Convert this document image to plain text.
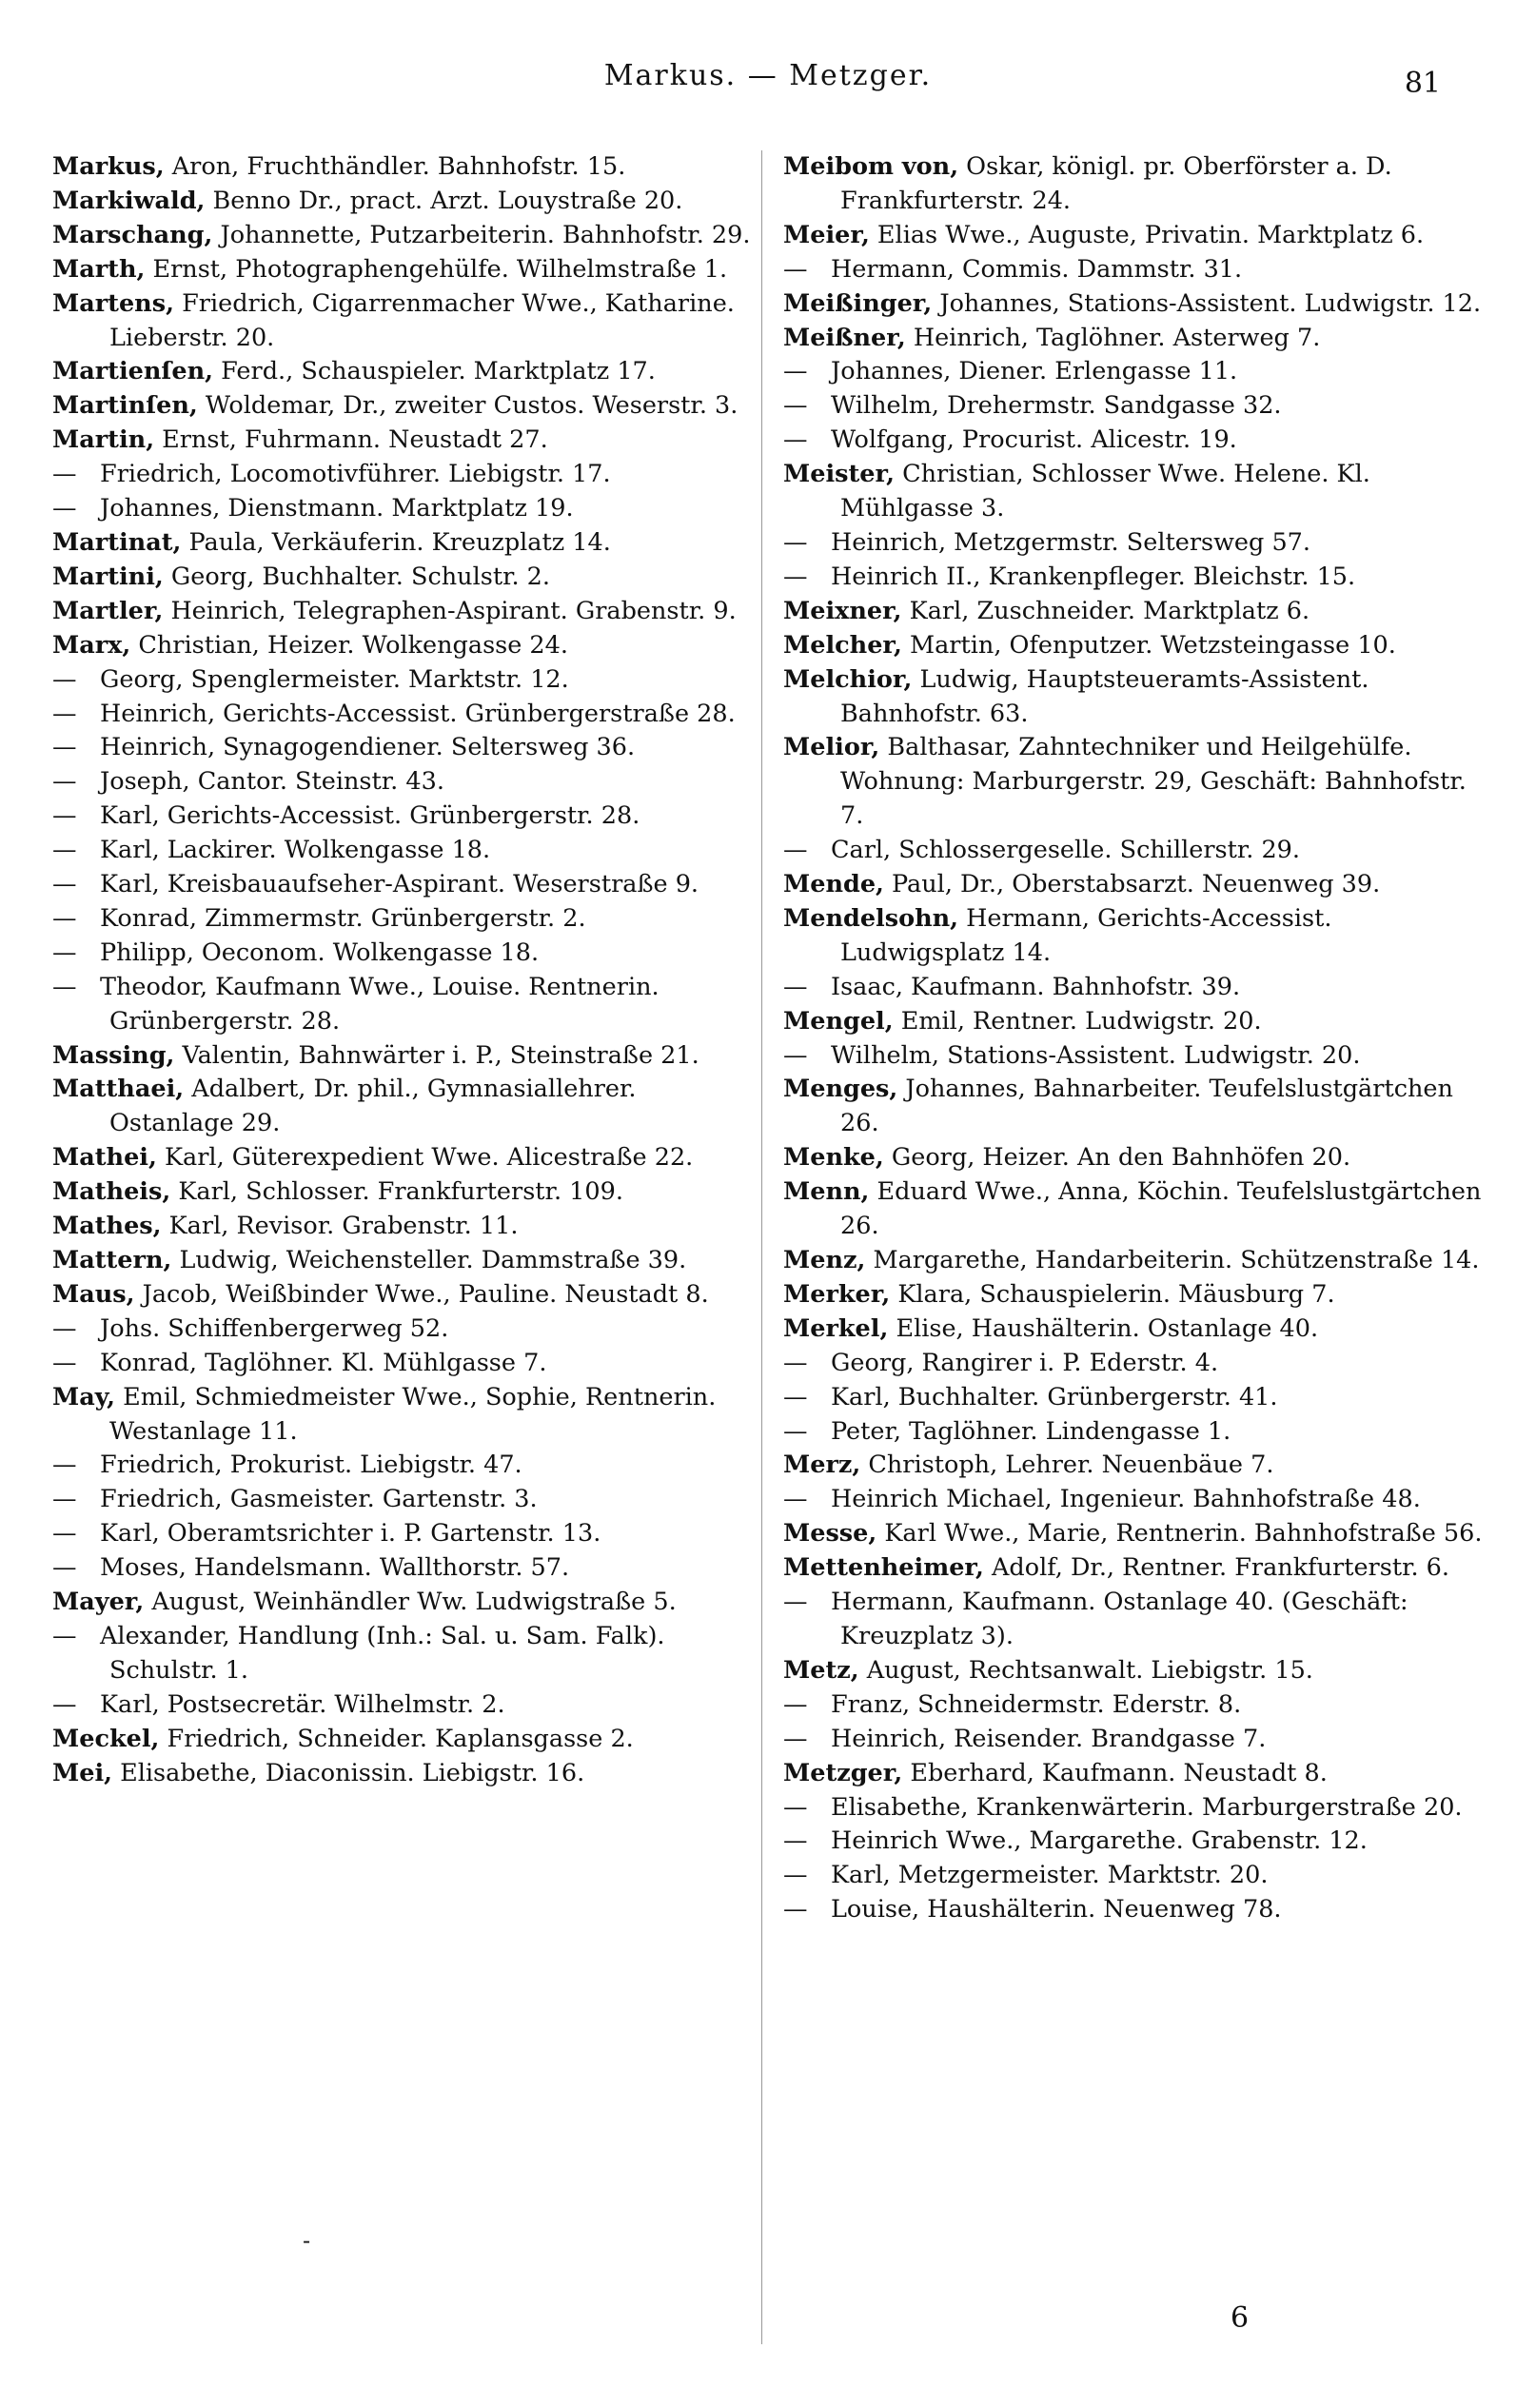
Markus. — Metzger.	81

Markus, Aron, Fruchthändler. Bahnhofstr. 15.

Markiwald, Benno Dr., pract. Arzt. Louystraße 20.

Marschang, Johannette, Putzarbeiterin. Bahnhofstr. 29.

Marth, Ernst, Photographengehülfe. Wilhelmstraße 1.

Martens, Friedrich, Cigarrenmacher Wwe., Katharine. Lieberstr. 20.

Martienſen, Ferd., Schauspieler. Marktplatz 17.

Martinſen, Woldemar, Dr., zweiter Custos. Weserstr. 3.

Martin, Ernst, Fuhrmann. Neustadt 27.

— Friedrich, Locomotivführer. Liebigstr. 17.

— Johannes, Dienstmann. Marktplatz 19.

Martinat, Paula, Verkäuferin. Kreuzplatz 14.

Martini, Georg, Buchhalter. Schulstr. 2.

Martler, Heinrich, Telegraphen-Aspirant. Grabenstr. 9.

Marx, Christian, Heizer. Wolkengasse 24.

— Georg, Spenglermeister. Marktstr. 12.

— Heinrich, Gerichts-Accessist. Grünbergerstraße 28.

— Heinrich, Synagogendiener. Seltersweg 36.

— Joseph, Cantor. Steinstr. 43.

— Karl, Gerichts-Accessist. Grünbergerstr. 28.

— Karl, Lackirer. Wolkengasse 18.

— Karl, Kreisbauaufseher-Aspirant. Weserstraße 9.

— Konrad, Zimmermstr. Grünbergerstr. 2.

— Philipp, Oeconom. Wolkengasse 18.

— Theodor, Kaufmann Wwe., Louise. Rentnerin. Grünbergerstr. 28.

Massing, Valentin, Bahnwärter i. P., Steinstraße 21.

Matthaei, Adalbert, Dr. phil., Gymnasiallehrer. Ostanlage 29.

Mathei, Karl, Güterexpedient Wwe. Alicestraße 22.

Matheis, Karl, Schlosser. Frankfurterstr. 109.

Mathes, Karl, Revisor. Grabenstr. 11.

Mattern, Ludwig, Weichensteller. Dammstraße 39.

Maus, Jacob, Weißbinder Wwe., Pauline. Neustadt 8.

— Johs. Schiffenbergerweg 52.

— Konrad, Taglöhner. Kl. Mühlgasse 7.

May, Emil, Schmiedmeister Wwe., Sophie, Rentnerin. Westanlage 11.

— Friedrich, Prokurist. Liebigstr. 47.

— Friedrich, Gasmeister. Gartenstr. 3.

— Karl, Oberamtsrichter i. P. Gartenstr. 13.

— Moses, Handelsmann. Wallthorstr. 57.

Mayer, August, Weinhändler Ww. Ludwigstraße 5.

— Alexander, Handlung (Inh.: Sal. u. Sam. Falk). Schulstr. 1.

— Karl, Postsecretär. Wilhelmstr. 2.

Meckel, Friedrich, Schneider. Kaplansgasse 2.

Mei, Elisabethe, Diaconissin. Liebigstr. 16.

Meibom von, Oskar, königl. pr. Oberförster a. D. Frankfurterstr. 24.

Meier, Elias Wwe., Auguste, Privatin. Marktplatz 6.

— Hermann, Commis. Dammstr. 31.

Meißinger, Johannes, Stations-Assistent. Ludwigstr. 12.

Meißner, Heinrich, Taglöhner. Asterweg 7.

— Johannes, Diener. Erlengasse 11.

— Wilhelm, Drehermstr. Sandgasse 32.

— Wolfgang, Procurist. Alicestr. 19.

Meister, Christian, Schlosser Wwe. Helene. Kl. Mühlgasse 3.

— Heinrich, Metzgermstr. Seltersweg 57.

— Heinrich II., Krankenpfleger. Bleichstr. 15.

Meixner, Karl, Zuschneider. Marktplatz 6.

Melcher, Martin, Ofenputzer. Wetzsteingasse 10.

Melchior, Ludwig, Hauptsteueramts-Assistent. Bahnhofstr. 63.

Melior, Balthasar, Zahntechniker und Heilgehülfe. Wohnung: Marburgerstr. 29, Geschäft: Bahnhofstr. 7.

— Carl, Schlossergeselle. Schillerstr. 29.

Mende, Paul, Dr., Oberstabsarzt. Neuenweg 39.

Mendelsohn, Hermann, Gerichts-Accessist. Ludwigsplatz 14.

— Isaac, Kaufmann. Bahnhofstr. 39.

Mengel, Emil, Rentner. Ludwigstr. 20.

— Wilhelm, Stations-Assistent. Ludwigstr. 20.

Menges, Johannes, Bahnarbeiter. Teufelslustgärtchen 26.

Menke, Georg, Heizer. An den Bahnhöfen 20.

Menn, Eduard Wwe., Anna, Köchin. Teufelslustgärtchen 26.

Menz, Margarethe, Handarbeiterin. Schützenstraße 14.

Merker, Klara, Schauspielerin. Mäusburg 7.

Merkel, Elise, Haushälterin. Ostanlage 40.

— Georg, Rangirer i. P. Ederstr. 4.

— Karl, Buchhalter. Grünbergerstr. 41.

— Peter, Taglöhner. Lindengasse 1.

Merz, Christoph, Lehrer. Neuenbäue 7.

— Heinrich Michael, Ingenieur. Bahnhofstraße 48.

Messe, Karl Wwe., Marie, Rentnerin. Bahnhofstraße 56.

Mettenheimer, Adolf, Dr., Rentner. Frankfurterstr. 6.

— Hermann, Kaufmann. Ostanlage 40. (Geschäft: Kreuzplatz 3).

Metz, August, Rechtsanwalt. Liebigstr. 15.

— Franz, Schneidermstr. Ederstr. 8.

— Heinrich, Reisender. Brandgasse 7.

Metzger, Eberhard, Kaufmann. Neustadt 8.

— Elisabethe, Krankenwärterin. Marburgerstraße 20.

— Heinrich Wwe., Margarethe. Grabenstr. 12.

— Karl, Metzgermeister. Marktstr. 20.

— Louise, Haushälterin. Neuenweg 78.

-
6
